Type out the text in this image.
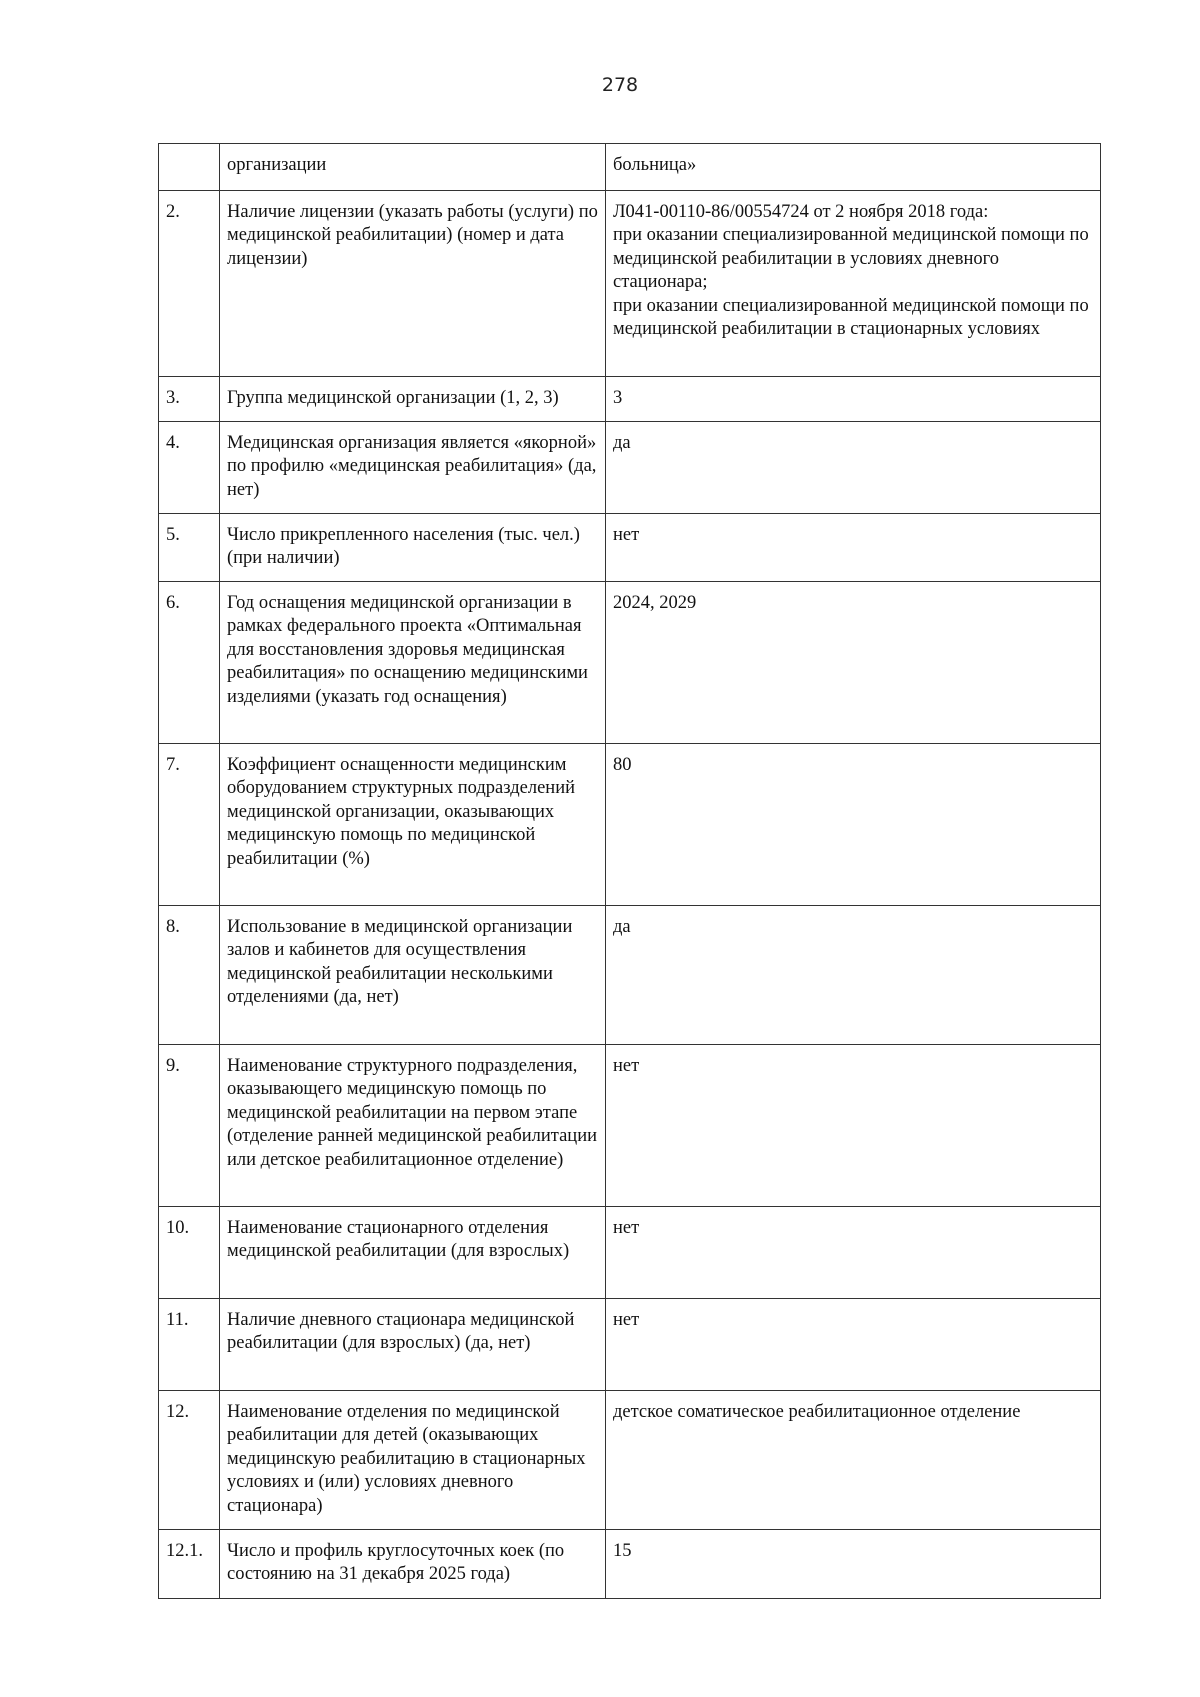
278
	организации	больница»
2.	Наличие лицензии (указать работы (услуги) по медицинской реабилитации) (номер и дата лицензии)	Л041-00110-86/00554724 от 2 ноября 2018 года:
при оказании специализированной медицинской помощи по медицинской реабилитации в условиях дневного стационара;
при оказании специализированной медицинской помощи по медицинской реабилитации в стационарных условиях
3.	Группа медицинской организации (1, 2, 3)	3
4.	Медицинская организация является «якорной» по профилю «медицинская реабилитация» (да, нет)	да
5.	Число прикрепленного населения (тыс. чел.) (при наличии)	нет
6.	Год оснащения медицинской организации в рамках федерального проекта «Оптимальная для восстановления здоровья медицинская реабилитация» по оснащению медицинскими изделиями (указать год оснащения)	2024, 2029
7.	Коэффициент оснащенности медицинским оборудованием структурных подразделений медицинской организации, оказывающих медицинскую помощь по медицинской реабилитации (%)	80
8.	Использование в медицинской организации залов и кабинетов для осуществления медицинской реабилитации несколькими отделениями (да, нет)	да
9.	Наименование структурного подразделения, оказывающего медицинскую помощь по медицинской реабилитации на первом этапе (отделение ранней медицинской реабилитации или детское реабилитационное отделение)	нет
10.	Наименование стационарного отделения медицинской реабилитации (для взрослых)	нет
11.	Наличие дневного стационара медицинской реабилитации (для взрослых) (да, нет)	нет
12.	Наименование отделения по медицинской реабилитации для детей (оказывающих медицинскую реабилитацию в стационарных условиях и (или) условиях дневного стационара)	детское соматическое реабилитационное отделение
12.1.	Число и профиль круглосуточных коек (по состоянию на 31 декабря 2025 года)	15
